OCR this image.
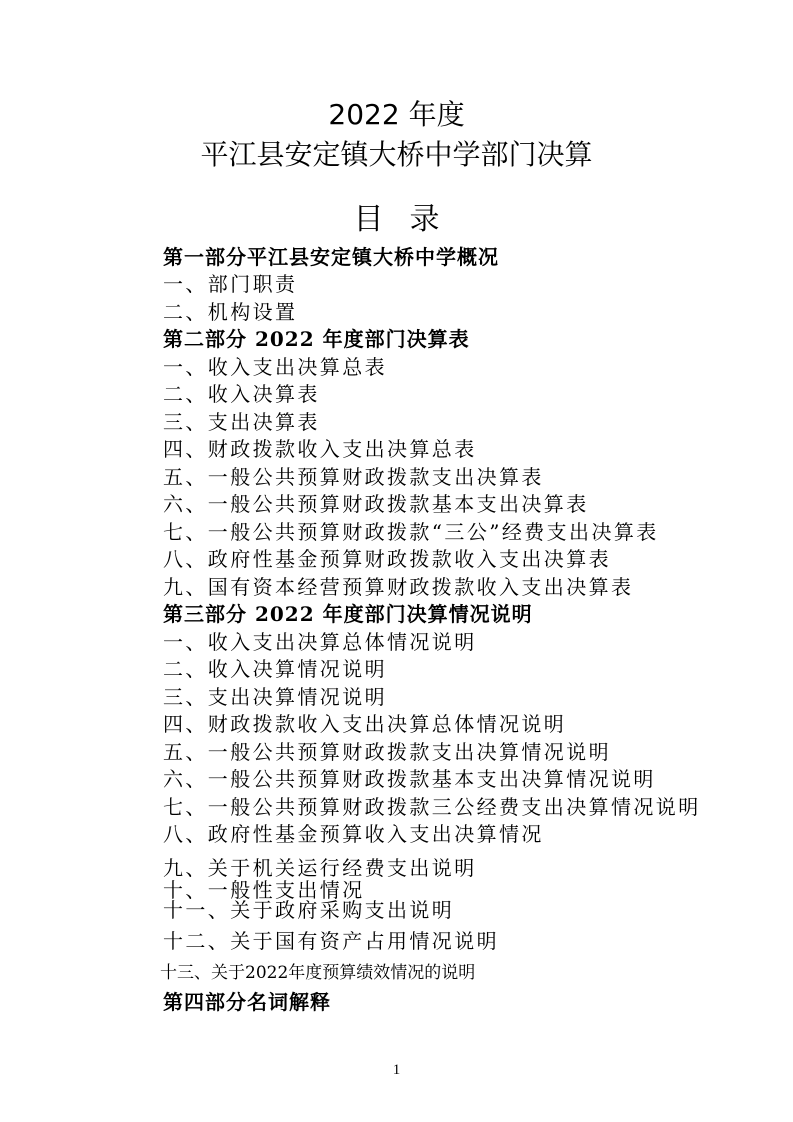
2022 年度
平江县安定镇大桥中学部门决算
目录
第一部分平江县安定镇大桥中学概况
一、部门职责
二、机构设置
第二部分 2022 年度部门决算表
一、收入支出决算总表
二、收入决算表
三、支出决算表
四、财政拨款收入支出决算总表
五、一般公共预算财政拨款支出决算表
六、一般公共预算财政拨款基本支出决算表
七、一般公共预算财政拨款“三公”经费支出决算表
八、政府性基金预算财政拨款收入支出决算表
九、国有资本经营预算财政拨款收入支出决算表
第三部分 2022 年度部门决算情况说明
一、收入支出决算总体情况说明
二、收入决算情况说明
三、支出决算情况说明
四、财政拨款收入支出决算总体情况说明
五、一般公共预算财政拨款支出决算情况说明
六、一般公共预算财政拨款基本支出决算情况说明
七、一般公共预算财政拨款三公经费支出决算情况说明
八、政府性基金预算收入支出决算情况
九、关于机关运行经费支出说明
十、一般性支出情况
十一、关于政府采购支出说明
十二、关于国有资产占用情况说明
十三、关于2022年度预算绩效情况的说明
第四部分名词解释
1
